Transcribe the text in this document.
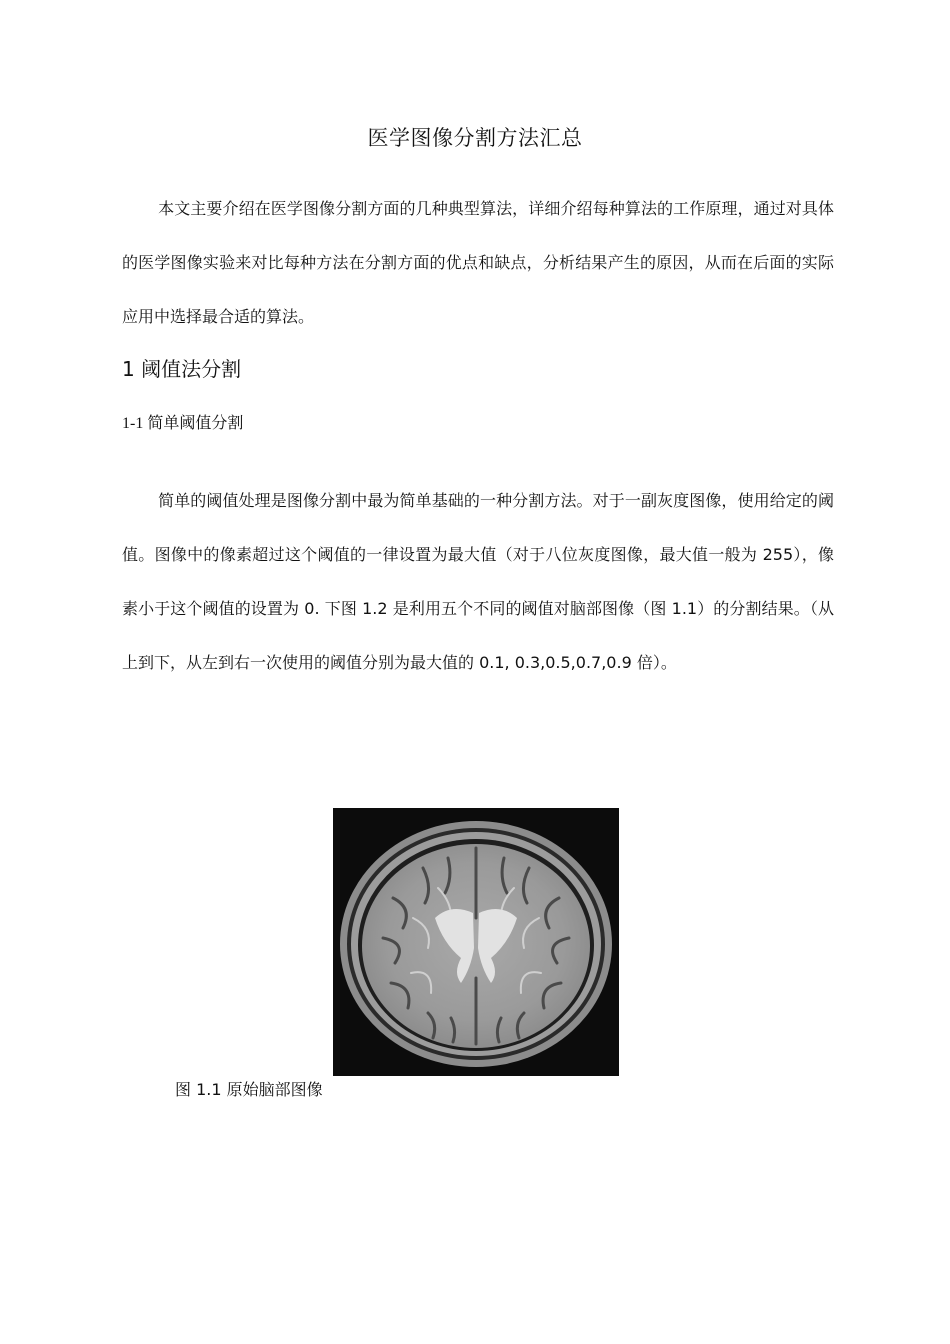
医学图像分割方法汇总

本文主要介绍在医学图像分割方面的几种典型算法，详细介绍每种算法的工作原理，通过对具体的医学图像实验来对比每种方法在分割方面的优点和缺点，分析结果产生的原因，从而在后面的实际应用中选择最合适的算法。

1 阈值法分割
1-1 简单阈值分割

简单的阈值处理是图像分割中最为简单基础的一种分割方法。对于一副灰度图像，使用给定的阈值。图像中的像素超过这个阈值的一律设置为最大值（对于八位灰度图像，最大值一般为 255），像素小于这个阈值的设置为 0. 下图 1.2 是利用五个不同的阈值对脑部图像（图 1.1）的分割结果。（从上到下，从左到右一次使用的阈值分别为最大值的 0.1, 0.3,0.5,0.7,0.9 倍）。

图 1.1 原始脑部图像
